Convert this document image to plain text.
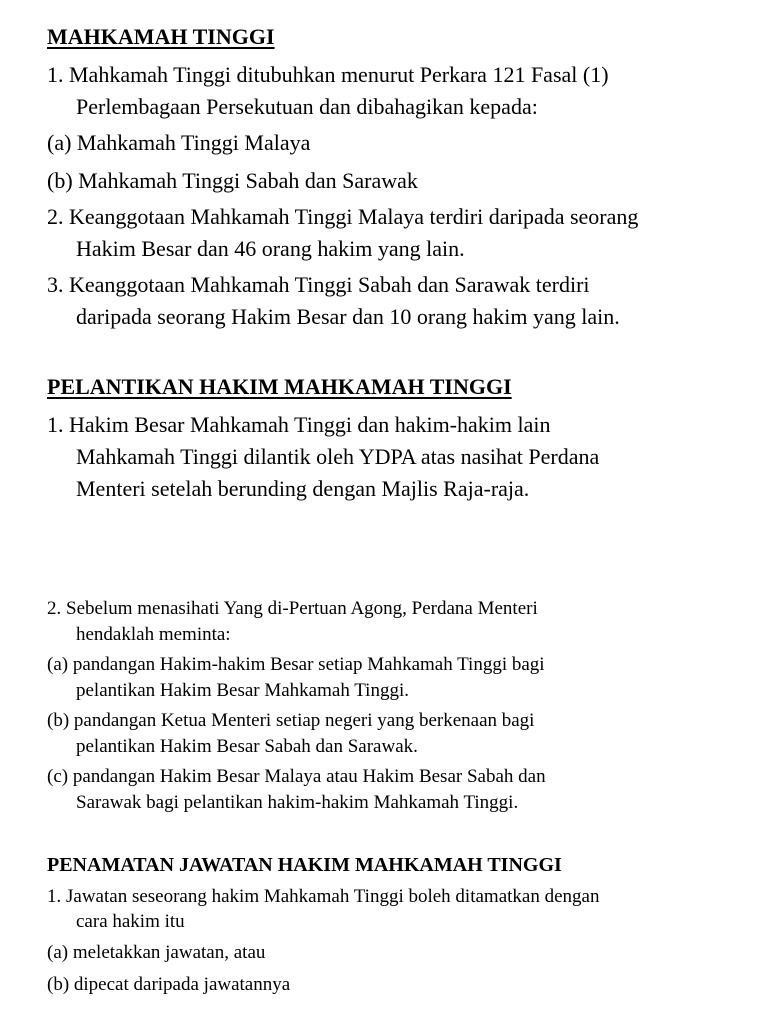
MAHKAMAH TINGGI
1. Mahkamah Tinggi ditubuhkan menurut Perkara 121 Fasal (1)
Perlembagaan Persekutuan dan dibahagikan kepada:
(a) Mahkamah Tinggi Malaya
(b) Mahkamah Tinggi Sabah dan Sarawak
2. Keanggotaan Mahkamah Tinggi Malaya terdiri daripada seorang
Hakim Besar dan 46 orang hakim yang lain.
3. Keanggotaan Mahkamah Tinggi Sabah dan Sarawak terdiri
daripada seorang Hakim Besar dan 10 orang hakim yang lain.
PELANTIKAN HAKIM MAHKAMAH TINGGI
1. Hakim Besar Mahkamah Tinggi dan hakim-hakim lain
Mahkamah Tinggi dilantik oleh YDPA atas nasihat Perdana
Menteri setelah berunding dengan Majlis Raja-raja.
2. Sebelum menasihati Yang di-Pertuan Agong, Perdana Menteri
hendaklah meminta:
(a) pandangan Hakim-hakim Besar setiap Mahkamah Tinggi bagi
pelantikan Hakim Besar Mahkamah Tinggi.
(b) pandangan Ketua Menteri setiap negeri yang berkenaan bagi
pelantikan Hakim Besar Sabah dan Sarawak.
(c) pandangan Hakim Besar Malaya atau Hakim Besar Sabah dan
Sarawak bagi pelantikan hakim-hakim Mahkamah Tinggi.
PENAMATAN JAWATAN HAKIM MAHKAMAH TINGGI
1. Jawatan seseorang hakim Mahkamah Tinggi boleh ditamatkan dengan
cara hakim itu
(a) meletakkan jawatan, atau
(b) dipecat daripada jawatannya
